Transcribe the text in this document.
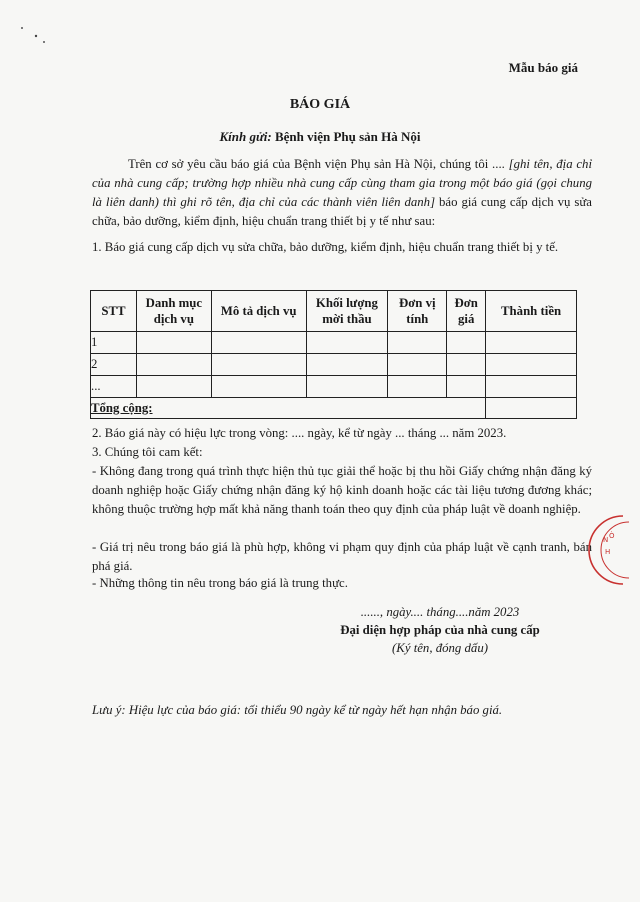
Mẫu báo giá
BÁO GIÁ
Kính gửi: Bệnh viện Phụ sản Hà Nội
Trên cơ sở yêu cầu báo giá của Bệnh viện Phụ sản Hà Nội, chúng tôi .... [ghi tên, địa chỉ của nhà cung cấp; trường hợp nhiều nhà cung cấp cùng tham gia trong một báo giá (gọi chung là liên danh) thì ghi rõ tên, địa chỉ của các thành viên liên danh] báo giá cung cấp dịch vụ sửa chữa, bảo dưỡng, kiểm định, hiệu chuẩn trang thiết bị y tế như sau:
1. Báo giá cung cấp dịch vụ sửa chữa, bảo dưỡng, kiểm định, hiệu chuẩn trang thiết bị y tế.
STT	Danh mục dịch vụ	Mô tả dịch vụ	Khối lượng mời thầu	Đơn vị tính	Đơn giá	Thành tiền
1						
2						
...						
Tổng cộng:						
2. Báo giá này có hiệu lực trong vòng: .... ngày, kể từ ngày ... tháng ... năm 2023.
3. Chúng tôi cam kết:
- Không đang trong quá trình thực hiện thủ tục giải thể hoặc bị thu hồi Giấy chứng nhận đăng ký doanh nghiệp hoặc Giấy chứng nhận đăng ký hộ kinh doanh hoặc các tài liệu tương đương khác; không thuộc trường hợp mất khả năng thanh toán theo quy định của pháp luật về doanh nghiệp.
- Giá trị nêu trong báo giá là phù hợp, không vi phạm quy định của pháp luật về cạnh tranh, bán phá giá.
- Những thông tin nêu trong báo giá là trung thực.
......, ngày.... tháng....năm 2023
Đại diện hợp pháp của nhà cung cấp
(Ký tên, đóng dấu)
Lưu ý: Hiệu lực của báo giá: tối thiểu 90 ngày kể từ ngày hết hạn nhận báo giá.
N Ò
H
